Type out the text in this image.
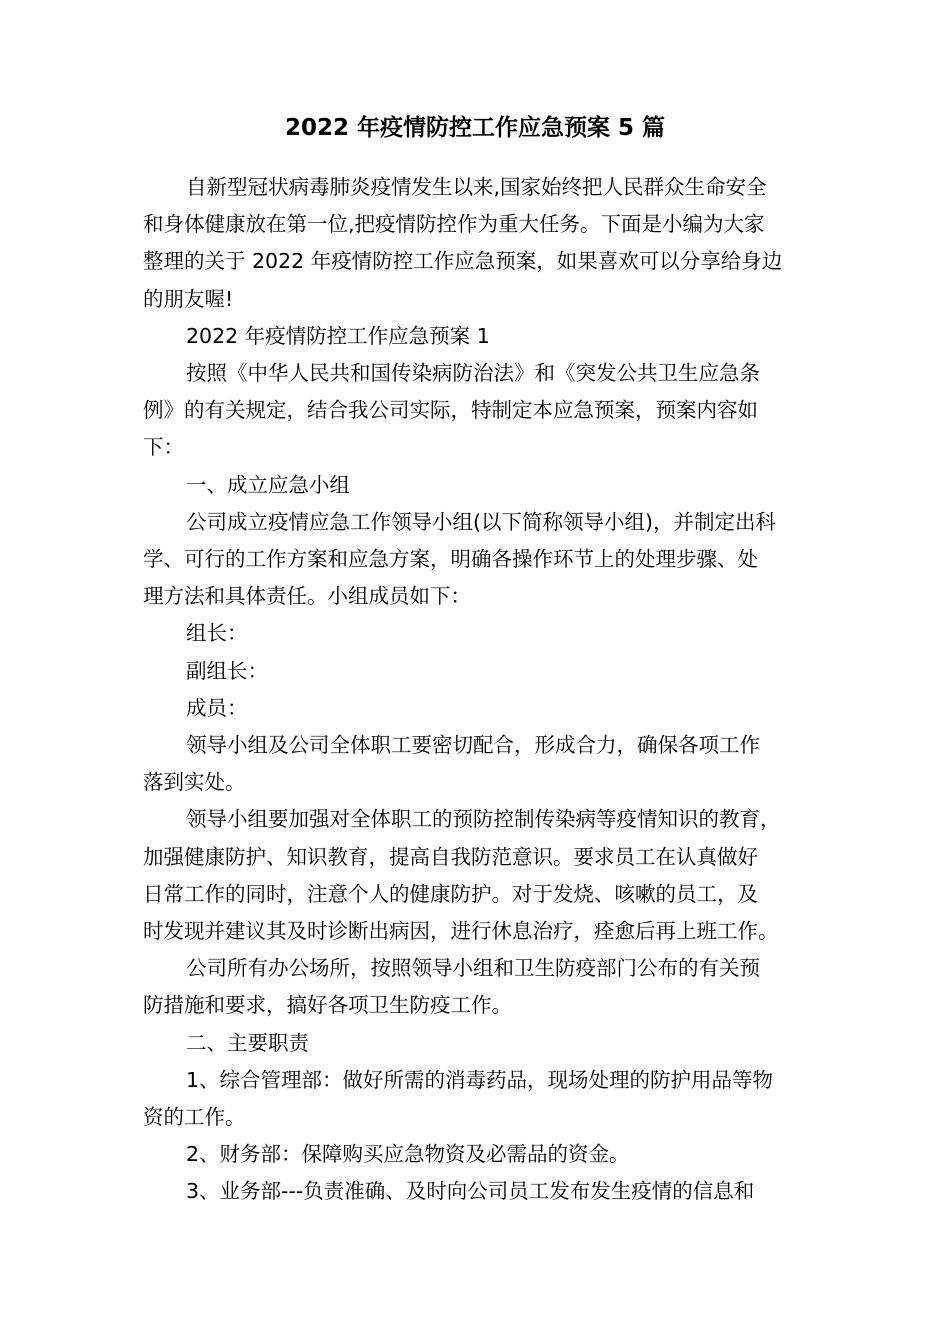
2022 年疫情防控工作应急预案 5 篇
自新型冠状病毒肺炎疫情发生以来,国家始终把人民群众生命安全
和身体健康放在第一位,把疫情防控作为重大任务。下面是小编为大家
整理的关于 2022 年疫情防控工作应急预案，如果喜欢可以分享给身边
的朋友喔!
2022 年疫情防控工作应急预案 1
按照《中华人民共和国传染病防治法》和《突发公共卫生应急条
例》的有关规定，结合我公司实际，特制定本应急预案，预案内容如
下：
一、成立应急小组
公司成立疫情应急工作领导小组(以下简称领导小组)，并制定出科
学、可行的工作方案和应急方案，明确各操作环节上的处理步骤、处
理方法和具体责任。小组成员如下：
组长：
副组长：
成员：
领导小组及公司全体职工要密切配合，形成合力，确保各项工作
落到实处。
领导小组要加强对全体职工的预防控制传染病等疫情知识的教育，
加强健康防护、知识教育，提高自我防范意识。要求员工在认真做好
日常工作的同时，注意个人的健康防护。对于发烧、咳嗽的员工，及
时发现并建议其及时诊断出病因，进行休息治疗，痊愈后再上班工作。
公司所有办公场所，按照领导小组和卫生防疫部门公布的有关预
防措施和要求，搞好各项卫生防疫工作。
二、主要职责
1、综合管理部：做好所需的消毒药品，现场处理的防护用品等物
资的工作。
2、财务部：保障购买应急物资及必需品的资金。
3、业务部---负责准确、及时向公司员工发布发生疫情的信息和
